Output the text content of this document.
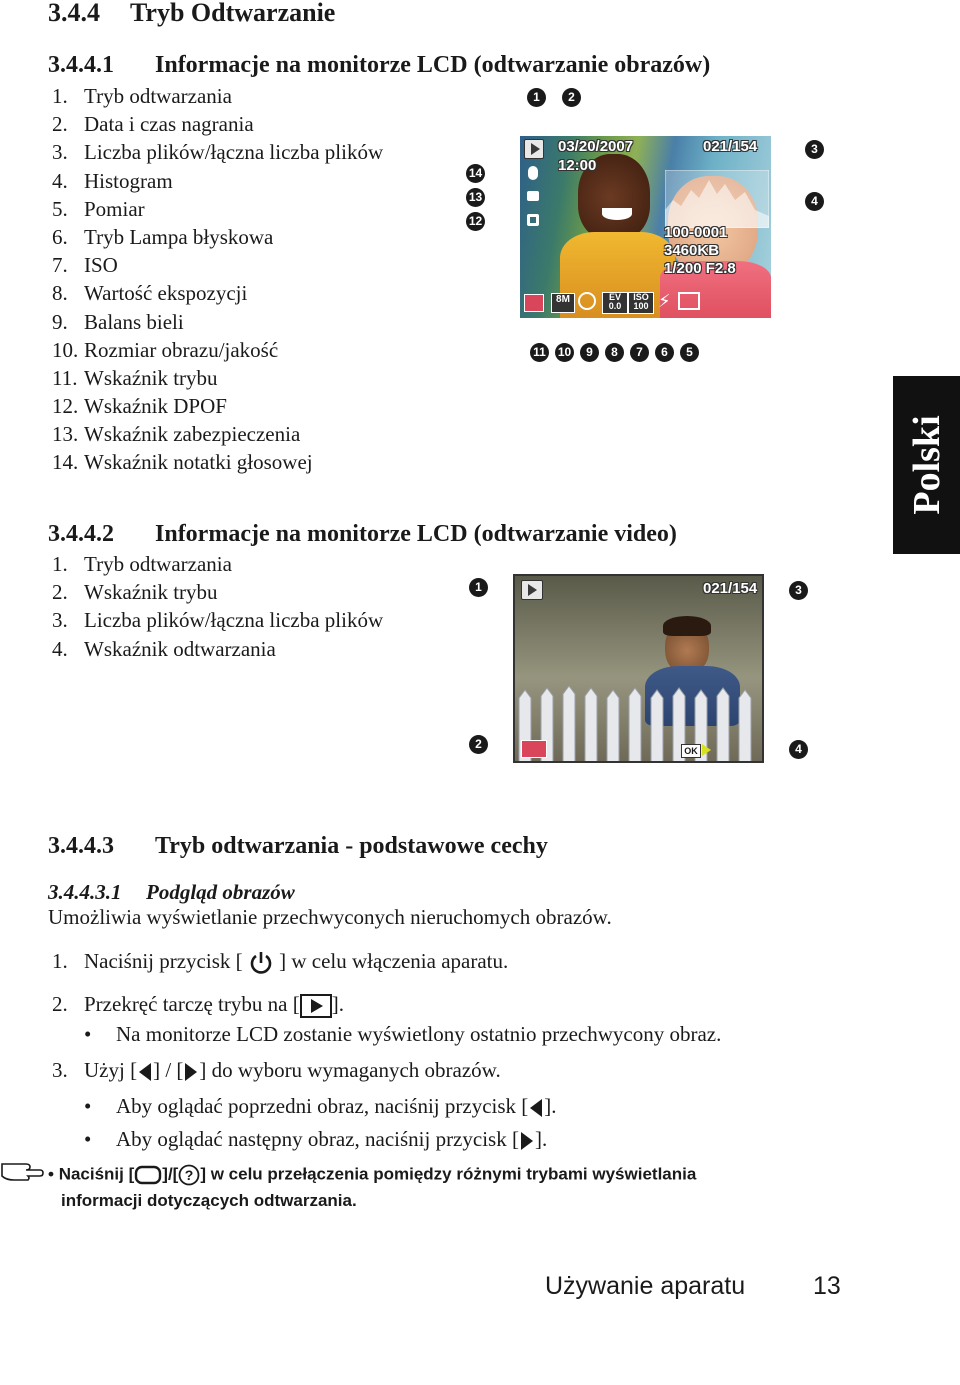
3.4.4 Tryb Odtwarzanie
3.4.4.1 Informacje na monitorze LCD (odtwarzanie obrazów)
1. Tryb odtwarzania
2. Data i czas nagrania
3. Liczba plików/łączna liczba plików
4. Histogram
5. Pomiar
6. Tryb Lampa błyskowa
7. ISO
8. Wartość ekspozycji
9. Balans bieli
10. Rozmiar obrazu/jakość
11. Wskaźnik trybu
12. Wskaźnik DPOF
13. Wskaźnik zabezpieczenia
14. Wskaźnik notatki głosowej
03/20/2007
12:00
021/154
100-0001
3460KB
1/200 F2.8
8M	EV
0.0
ISO
100 ⚡
1	2
3
4
5
6
7
8
9
10
11
12
13
14
Polski
3.4.4.2 Informacje na monitorze LCD (odtwarzanie video)
1. Tryb odtwarzania
2. Wskaźnik trybu
3. Liczba plików/łączna liczba plików
4. Wskaźnik odtwarzania
021/154
OK
1
2
3
4
3.4.4.3 Tryb odtwarzania - podstawowe cechy
3.4.4.3.1 Podgląd obrazów
Umożliwia wyświetlanie przechwyconych nieruchomych obrazów.
1. Naciśnij przycisk [ ] w celu włączenia aparatu.
2. Przekręć tarczę trybu na [ ].
• Na monitorze LCD zostanie wyświetlony ostatnio przechwycony obraz.
3. Użyj [ ] / [ ] do wyboru wymaganych obrazów.
• Aby oglądać poprzedni obraz, naciśnij przycisk [ ].
• Aby oglądać następny obraz, naciśnij przycisk [ ].
• Naciśnij [ ]/[ ? ] w celu przełączenia pomiędzy różnymi trybami wyświetlania
informacji dotyczących odtwarzania.
Używanie aparatu	13
